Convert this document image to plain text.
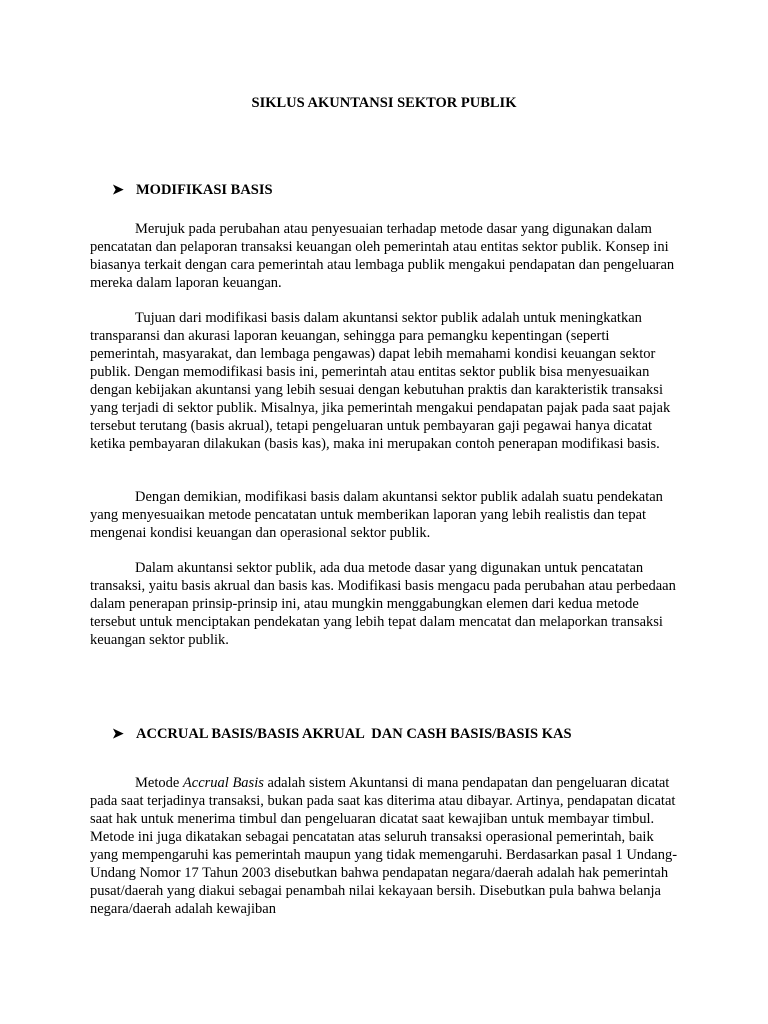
SIKLUS AKUNTANSI SEKTOR PUBLIK
➤ MODIFIKASI BASIS

Merujuk pada perubahan atau penyesuaian terhadap metode dasar yang digunakan dalam pencatatan dan pelaporan transaksi keuangan oleh pemerintah atau entitas sektor publik. Konsep ini biasanya terkait dengan cara pemerintah atau lembaga publik mengakui pendapatan dan pengeluaran mereka dalam laporan keuangan.

Tujuan dari modifikasi basis dalam akuntansi sektor publik adalah untuk meningkatkan transparansi dan akurasi laporan keuangan, sehingga para pemangku kepentingan (seperti pemerintah, masyarakat, dan lembaga pengawas) dapat lebih memahami kondisi keuangan sektor publik. Dengan memodifikasi basis ini, pemerintah atau entitas sektor publik bisa menyesuaikan dengan kebijakan akuntansi yang lebih sesuai dengan kebutuhan praktis dan karakteristik transaksi yang terjadi di sektor publik. Misalnya, jika pemerintah mengakui pendapatan pajak pada saat pajak tersebut terutang (basis akrual), tetapi pengeluaran untuk pembayaran gaji pegawai hanya dicatat ketika pembayaran dilakukan (basis kas), maka ini merupakan contoh penerapan modifikasi basis.

Dengan demikian, modifikasi basis dalam akuntansi sektor publik adalah suatu pendekatan yang menyesuaikan metode pencatatan untuk memberikan laporan yang lebih realistis dan tepat mengenai kondisi keuangan dan operasional sektor publik.

Dalam akuntansi sektor publik, ada dua metode dasar yang digunakan untuk pencatatan transaksi, yaitu basis akrual dan basis kas. Modifikasi basis mengacu pada perubahan atau perbedaan dalam penerapan prinsip-prinsip ini, atau mungkin menggabungkan elemen dari kedua metode tersebut untuk menciptakan pendekatan yang lebih tepat dalam mencatat dan melaporkan transaksi keuangan sektor publik.

➤ ACCRUAL BASIS/BASIS AKRUAL  DAN CASH BASIS/BASIS KAS

Metode Accrual Basis adalah sistem Akuntansi di mana pendapatan dan pengeluaran dicatat pada saat terjadinya transaksi, bukan pada saat kas diterima atau dibayar. Artinya, pendapatan dicatat saat hak untuk menerima timbul dan pengeluaran dicatat saat kewajiban untuk membayar timbul. Metode ini juga dikatakan sebagai pencatatan atas seluruh transaksi operasional pemerintah, baik yang mempengaruhi kas pemerintah maupun yang tidak memengaruhi. Berdasarkan pasal 1 Undang-Undang Nomor 17 Tahun 2003 disebutkan bahwa pendapatan negara/daerah adalah hak pemerintah pusat/daerah yang diakui sebagai penambah nilai kekayaan bersih. Disebutkan pula bahwa belanja negara/daerah adalah kewajiban
